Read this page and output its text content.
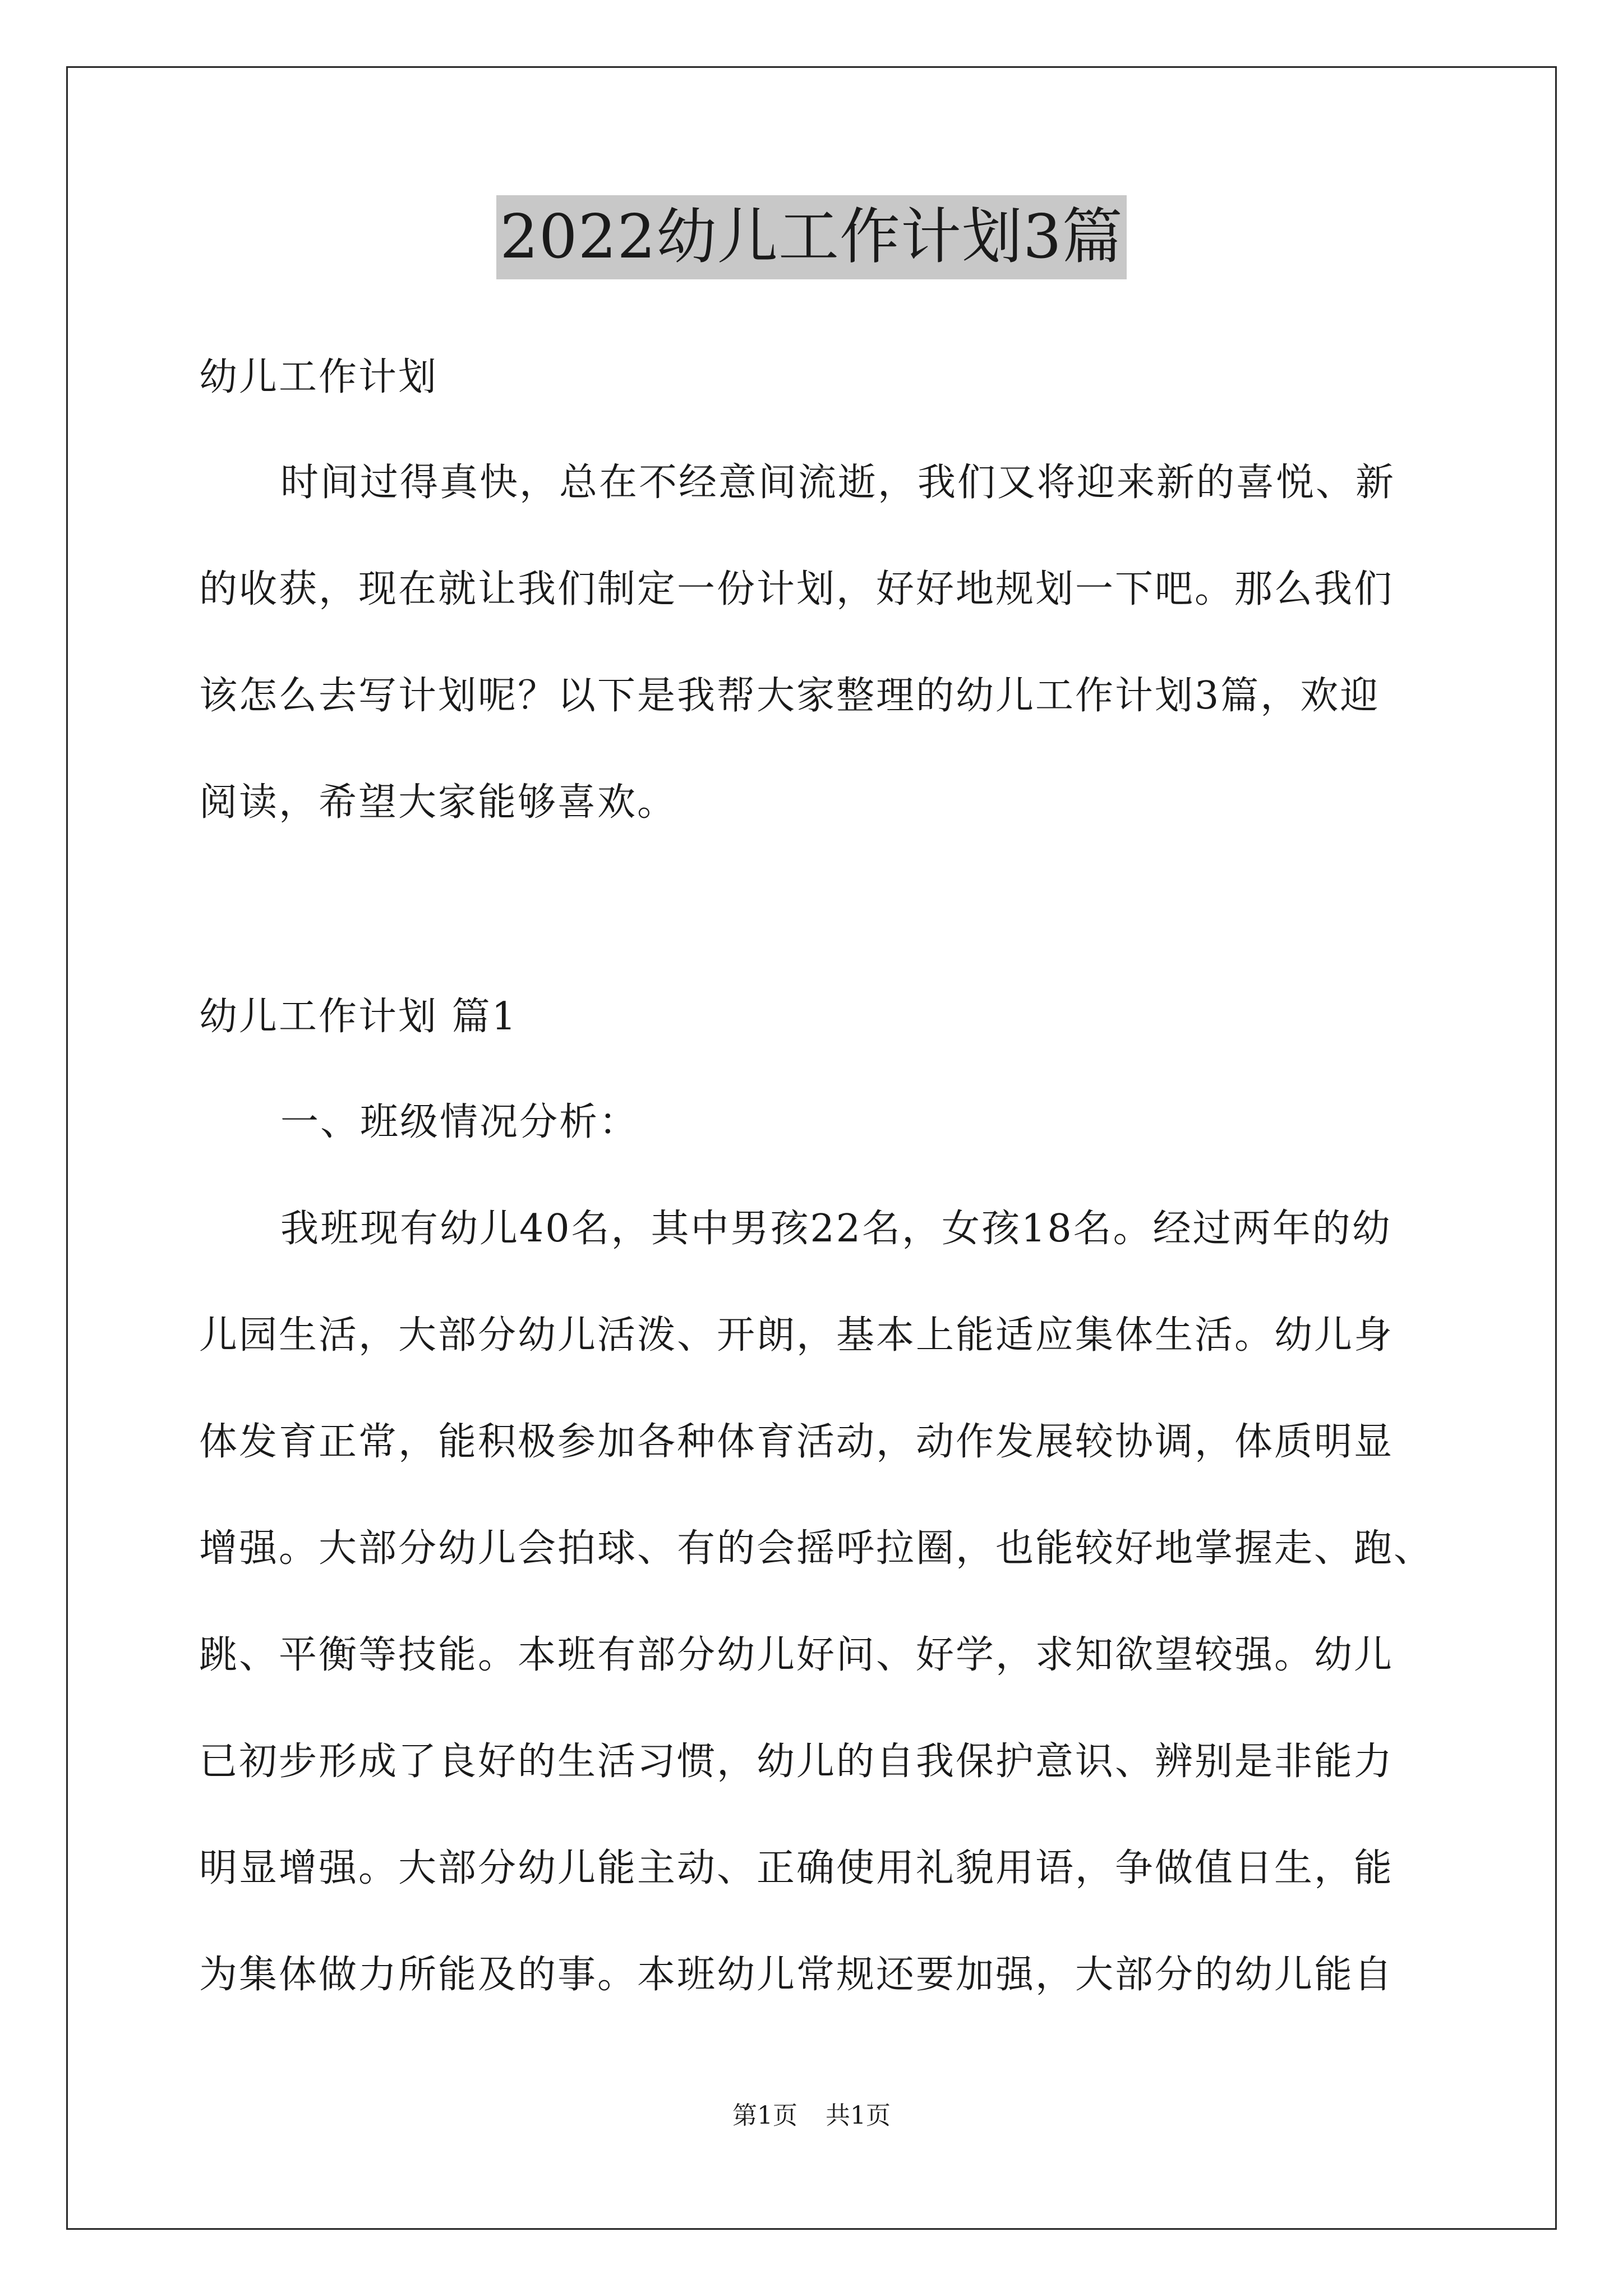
2022幼儿工作计划3篇
幼儿工作计划
时间过得真快，总在不经意间流逝，我们又将迎来新的喜悦、新
的收获，现在就让我们制定一份计划，好好地规划一下吧。那么我们
该怎么去写计划呢？以下是我帮大家整理的幼儿工作计划3篇，欢迎
阅读，希望大家能够喜欢。
幼儿工作计划 篇1
一、班级情况分析：
我班现有幼儿40名，其中男孩22名，女孩18名。经过两年的幼
儿园生活，大部分幼儿活泼、开朗，基本上能适应集体生活。幼儿身
体发育正常，能积极参加各种体育活动，动作发展较协调，体质明显
增强。大部分幼儿会拍球、有的会摇呼拉圈，也能较好地掌握走、跑、
跳、平衡等技能。本班有部分幼儿好问、好学，求知欲望较强。幼儿
已初步形成了良好的生活习惯，幼儿的自我保护意识、辨别是非能力
明显增强。大部分幼儿能主动、正确使用礼貌用语，争做值日生，能
为集体做力所能及的事。本班幼儿常规还要加强，大部分的幼儿能自
第1页 共1页
